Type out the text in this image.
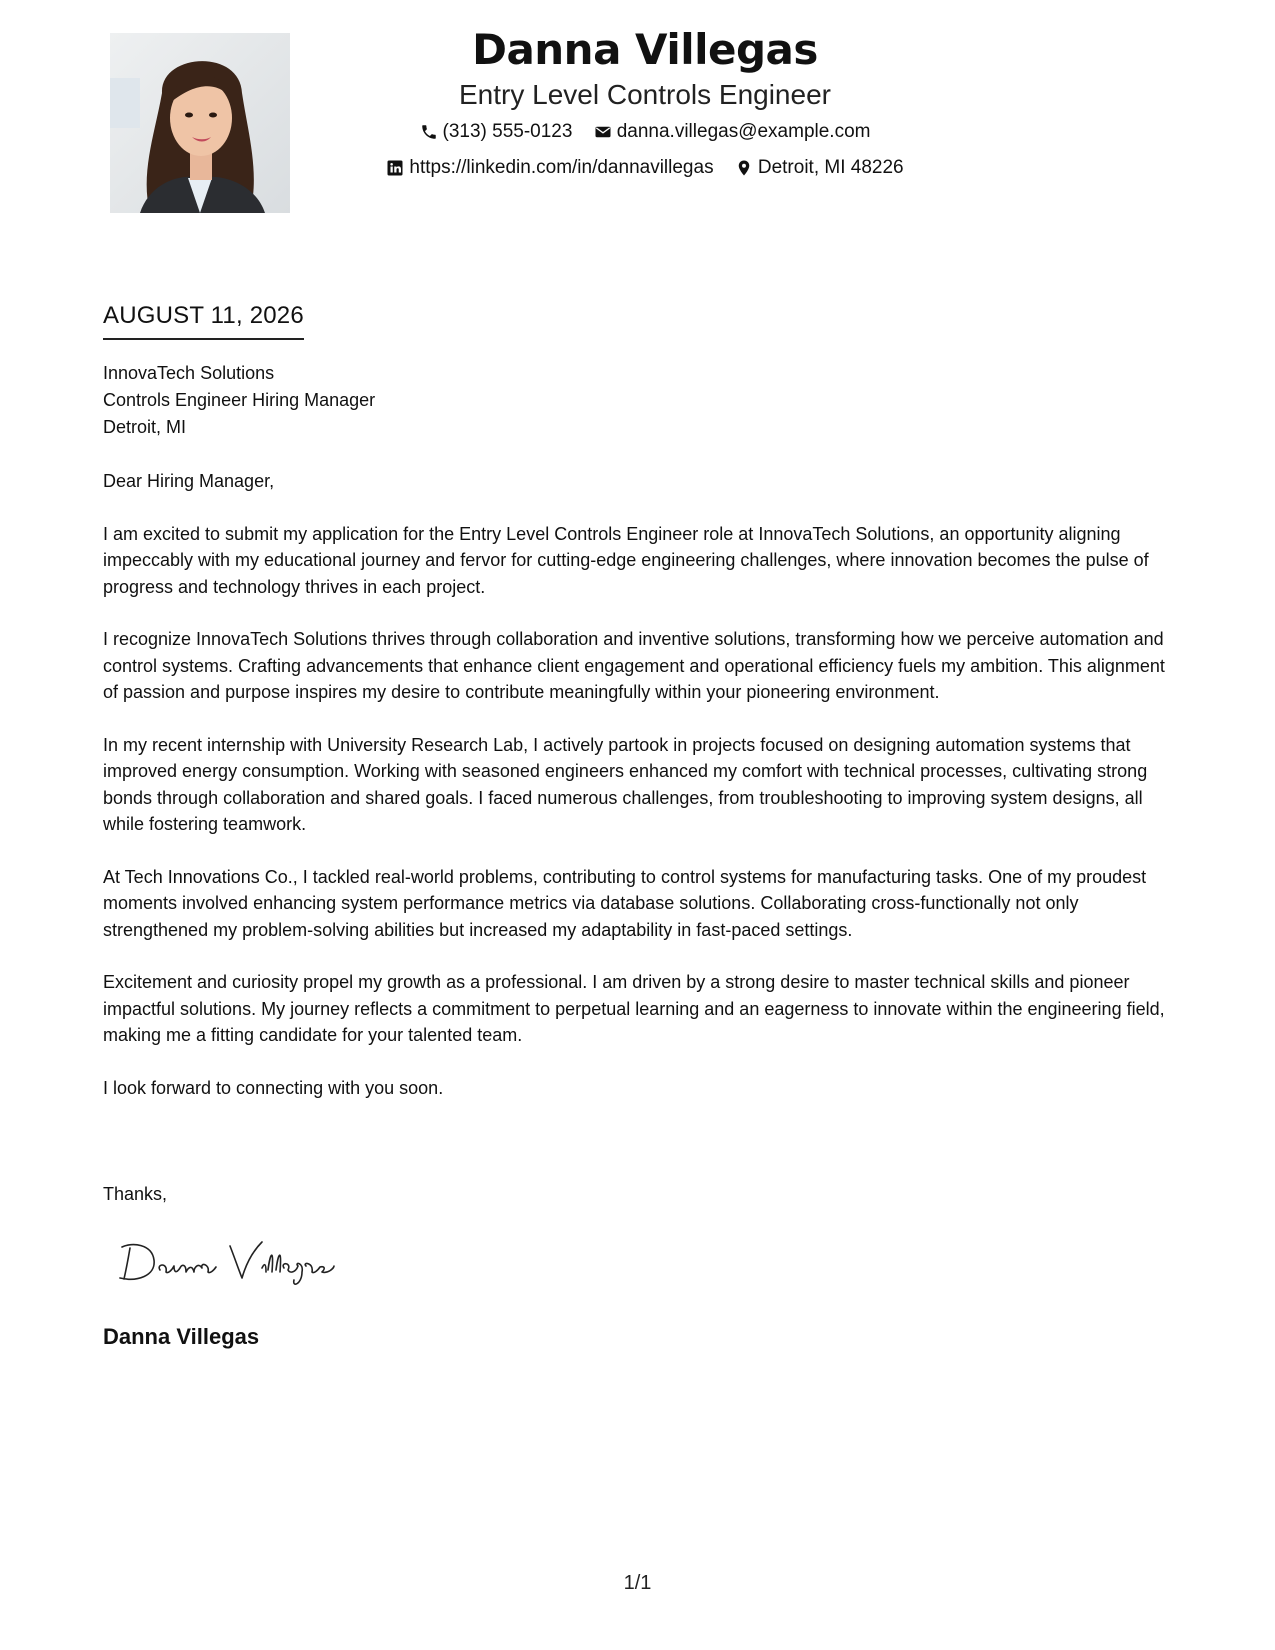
Danna Villegas
Entry Level Controls Engineer
(313) 555-0123
danna.villegas@example.com
https://linkedin.com/in/dannavillegas
Detroit, MI 48226
AUGUST 11, 2026
InnovaTech Solutions
Controls Engineer Hiring Manager
Detroit, MI

Dear Hiring Manager,

I am excited to submit my application for the Entry Level Controls Engineer role at InnovaTech Solutions, an opportunity aligning impeccably with my educational journey and fervor for cutting-edge engineering challenges, where innovation becomes the pulse of progress and technology thrives in each project.

I recognize InnovaTech Solutions thrives through collaboration and inventive solutions, transforming how we perceive automation and control systems. Crafting advancements that enhance client engagement and operational efficiency fuels my ambition. This alignment of passion and purpose inspires my desire to contribute meaningfully within your pioneering environment.

In my recent internship with University Research Lab, I actively partook in projects focused on designing automation systems that improved energy consumption. Working with seasoned engineers enhanced my comfort with technical processes, cultivating strong bonds through collaboration and shared goals. I faced numerous challenges, from troubleshooting to improving system designs, all while fostering teamwork.

At Tech Innovations Co., I tackled real-world problems, contributing to control systems for manufacturing tasks. One of my proudest moments involved enhancing system performance metrics via database solutions. Collaborating cross-functionally not only strengthened my problem-solving abilities but increased my adaptability in fast-paced settings.

Excitement and curiosity propel my growth as a professional. I am driven by a strong desire to master technical skills and pioneer impactful solutions. My journey reflects a commitment to perpetual learning and an eagerness to innovate within the engineering field, making me a fitting candidate for your talented team.

I look forward to connecting with you soon.

Thanks,
Danna Villegas
1/1
